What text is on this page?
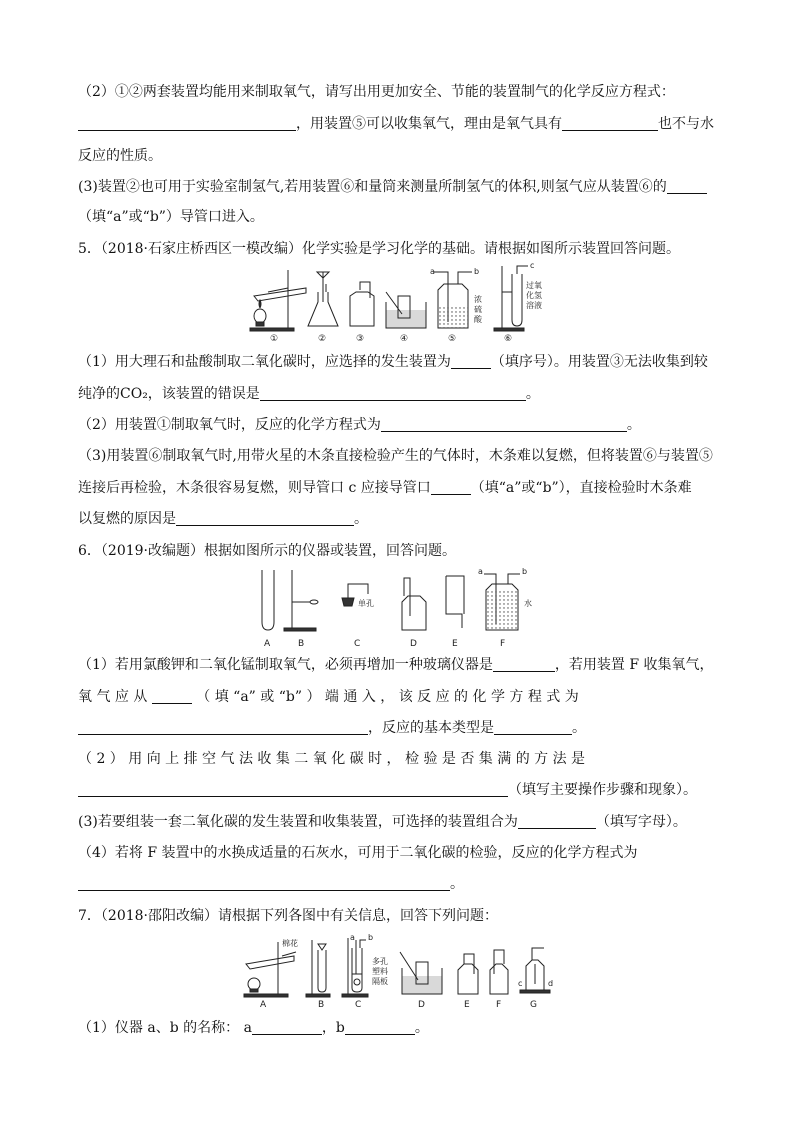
（2）①②两套装置均能用来制取氧气，请写出用更加安全、节能的装置制气的化学反应方程式：
，用装置⑤可以收集氧气，理由是氧气具有	也不与水
反应的性质。
(3)装置②也可用于实验室制氢气,若用装置⑥和量筒来测量所制氢气的体积,则氢气应从装置⑥的
（填“a”或“b”）导管口进入。
5．（2018·石家庄桥西区一模改编）化学实验是学习化学的基础。请根据如图所示装置回答问题。
①	②	③	④
a	b
浓
硫
酸
⑤
c
过氧
化氢
溶液
⑥
（1）用大理石和盐酸制取二氧化碳时，应选择的发生装置为	（填序号）。用装置③无法收集到较
纯净的CO₂，该装置的错误是	。
（2）用装置①制取氧气时，反应的化学方程式为	。
（3)用装置⑥制取氧气时,用带火星的木条直接检验产生的气体时，木条难以复燃，但将装置⑥与装置⑤
连接后再检验，木条很容易复燃，则导管口 c 应接导管口	（填“a”或“b”），直接检验时木条难
以复燃的原因是	。
6．（2019·改编题）根据如图所示的仪器或装置，回答问题。
A	B
单孔
C	D	E
a	b
水
F
（1）若用氯酸钾和二氧化锰制取氧气，必须再增加一种玻璃仪器是	，若用装置 F 收集氧气，
氧 气 应 从	（ 填 “a” 或 “b” ） 端 通 入 ， 该 反 应 的 化 学 方 程 式 为
，反应的基本类型是	。
（ 2 ） 用 向 上 排 空 气 法 收 集 二 氧 化 碳 时 ， 检 验 是 否 集 满 的 方 法 是
（填写主要操作步骤和现象）。
(3)若要组装一套二氧化碳的发生装置和收集装置，可选择的装置组合为	（填写字母）。
（4）若将 F 装置中的水换成适量的石灰水，可用于二氧化碳的检验，反应的化学方程式为
。
7．（2018·邵阳改编）请根据下列各图中有关信息，回答下列问题：
棉花
A	B
a b
多孔
塑料
隔板
C	D	E	F
c	d
G
（1）仪器 a、b 的名称： a	，b	。
